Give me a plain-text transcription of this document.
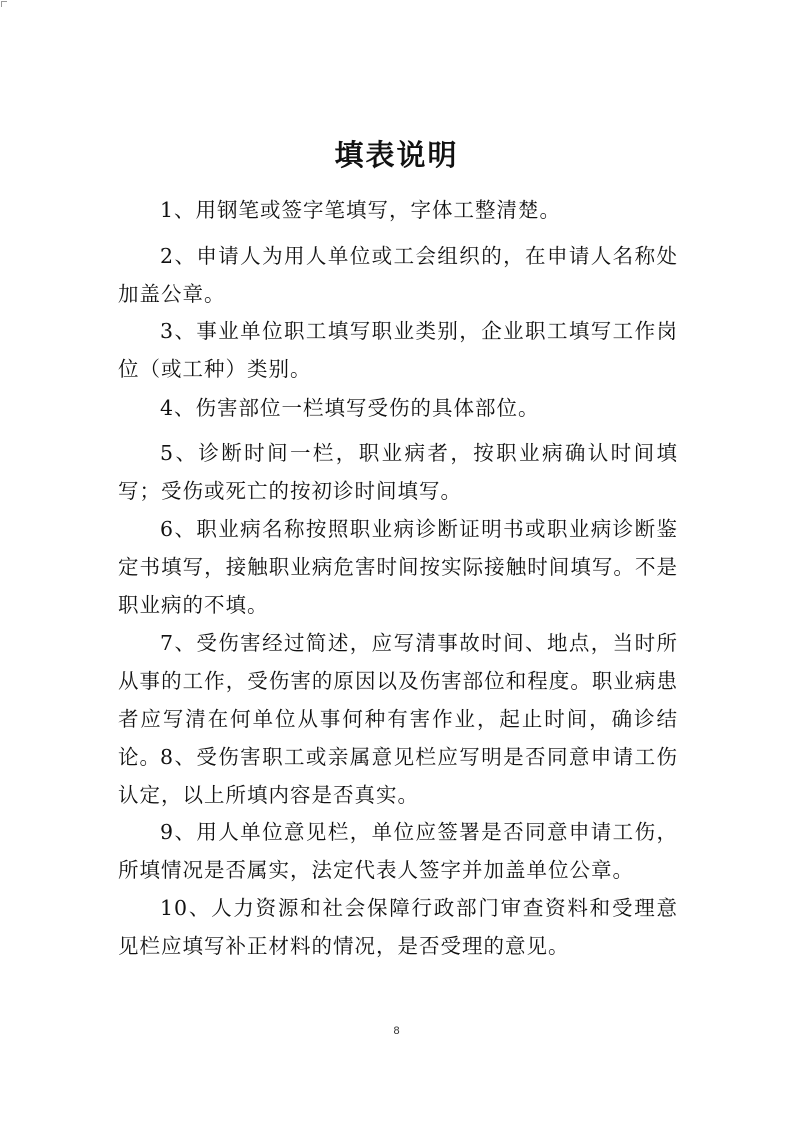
填表说明

1、用钢笔或签字笔填写，字体工整清楚。

2、申请人为用人单位或工会组织的，在申请人名称处加盖公章。

3、事业单位职工填写职业类别，企业职工填写工作岗位（或工种）类别。

4、伤害部位一栏填写受伤的具体部位。

5、诊断时间一栏，职业病者，按职业病确认时间填写；受伤或死亡的按初诊时间填写。

6、职业病名称按照职业病诊断证明书或职业病诊断鉴定书填写，接触职业病危害时间按实际接触时间填写。不是职业病的不填。

7、受伤害经过简述，应写清事故时间、地点，当时所从事的工作，受伤害的原因以及伤害部位和程度。职业病患者应写清在何单位从事何种有害作业，起止时间，确诊结论。 8、受伤害职工或亲属意见栏应写明是否同意申请工伤认定，以上所填内容是否真实。

9、用人单位意见栏，单位应签署是否同意申请工伤，所填情况是否属实，法定代表人签字并加盖单位公章。

10、人力资源和社会保障行政部门审查资料和受理意见栏应填写补正材料的情况，是否受理的意见。

8
